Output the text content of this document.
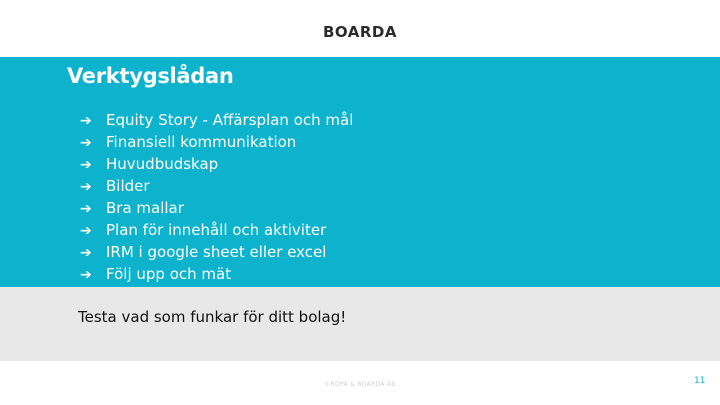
BOARDA
Verktygslådan
➔ Equity Story - Affärsplan och mål
➔ Finansiell kommunikation
➔ Huvudbudskap
➔ Bilder
➔ Bra mallar
➔ Plan för innehåll och aktiviter
➔ IRM i google sheet eller excel
➔ Följ upp och mät
Testa vad som funkar för ditt bolag!
©ROPA & BOARDA AB	11
